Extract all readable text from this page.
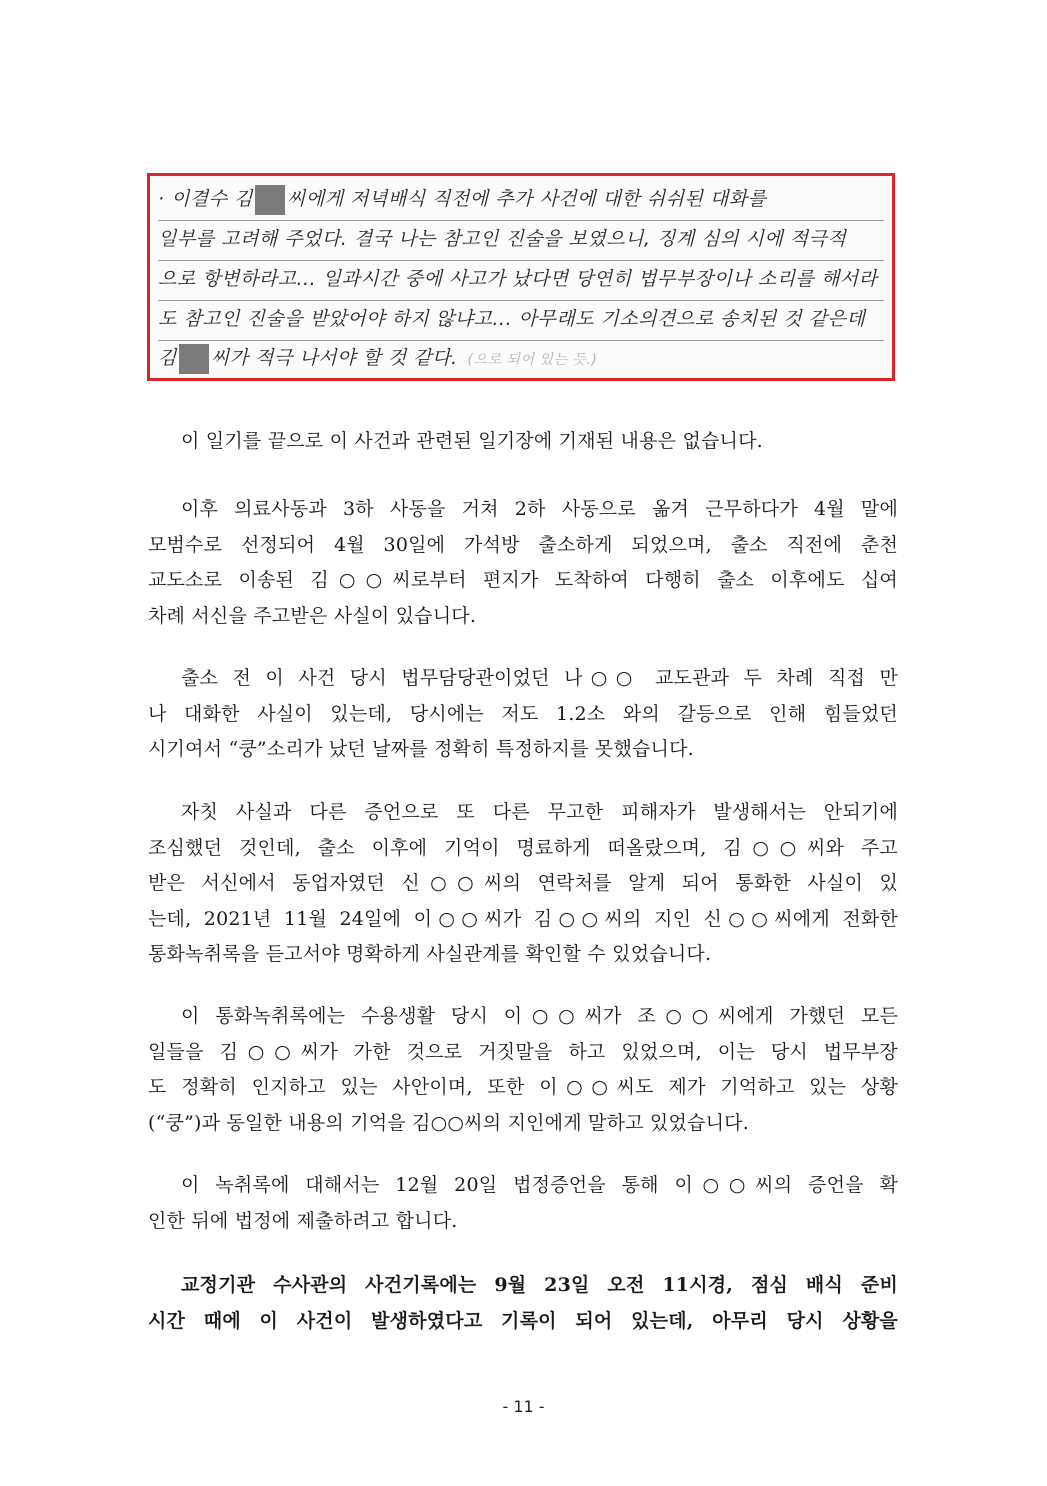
· 이결수 김 씨에게 저녁배식 직전에 추가 사건에 대한 쉬쉬된 대화를
일부를 고려해 주었다. 결국 나는 참고인 진술을 보였으니, 징계 심의 시에 적극적
으로 항변하라고... 일과시간 중에 사고가 났다면 당연히 법무부장이나 소리를 해서라
도 참고인 진술을 받았어야 하지 않냐고... 아무래도 기소의견으로 송치된 것 같은데
김 씨가 적극 나서야 할 것 같다. (으로 되어 있는 듯.)
이 일기를 끝으로 이 사건과 관련된 일기장에 기재된 내용은 없습니다.
이후 의료사동과 3하 사동을 거쳐 2하 사동으로 옮겨 근무하다가 4월 말에
모범수로 선정되어 4월 30일에 가석방 출소하게 되었으며, 출소 직전에 춘천
교도소로 이송된 김○○씨로부터 편지가 도착하여 다행히 출소 이후에도 십여
차례 서신을 주고받은 사실이 있습니다.
출소 전 이 사건 당시 법무담당관이었던 나○○ 교도관과 두 차례 직접 만
나 대화한 사실이 있는데, 당시에는 저도 1.2소 와의 갈등으로 인해 힘들었던
시기여서 “쿵”소리가 났던 날짜를 정확히 특정하지를 못했습니다.
자칫 사실과 다른 증언으로 또 다른 무고한 피해자가 발생해서는 안되기에
조심했던 것인데, 출소 이후에 기억이 명료하게 떠올랐으며, 김○○씨와 주고
받은 서신에서 동업자였던 신○○씨의 연락처를 알게 되어 통화한 사실이 있
는데, 2021년 11월 24일에 이○○씨가 김○○씨의 지인 신○○씨에게 전화한
통화녹취록을 듣고서야 명확하게 사실관계를 확인할 수 있었습니다.
이 통화녹취록에는 수용생활 당시 이○○씨가 조○○씨에게 가했던 모든
일들을 김○○씨가 가한 것으로 거짓말을 하고 있었으며, 이는 당시 법무부장
도 정확히 인지하고 있는 사안이며, 또한 이○○씨도 제가 기억하고 있는 상황
(“쿵”)과 동일한 내용의 기억을 김○○씨의 지인에게 말하고 있었습니다.
이 녹취록에 대해서는 12월 20일 법정증언을 통해 이○○씨의 증언을 확
인한 뒤에 법정에 제출하려고 합니다.
교정기관 수사관의 사건기록에는 9월 23일 오전 11시경, 점심 배식 준비
시간 때에 이 사건이 발생하였다고 기록이 되어 있는데, 아무리 당시 상황을
- 11 -
